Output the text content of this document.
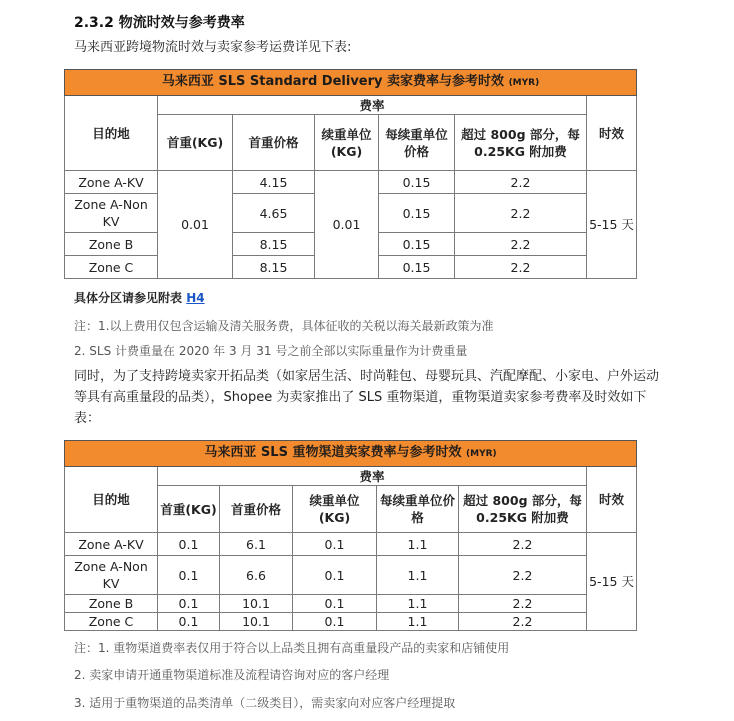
2.3.2 物流时效与参考费率
马来西亚跨境物流时效与卖家参考运费详见下表:
马来西亚 SLS Standard Delivery 卖家费率与参考时效 (MYR)						
目的地	费率					时效
	首重(KG)	首重价格	续重单位(KG)	每续重单位价格	超过 800g 部分，每 0.25KG 附加费	
Zone A-KV	0.01	4.15	0.01	0.15	2.2	5-15 天
Zone A-Non KV		4.65		0.15	2.2	
Zone B		8.15		0.15	2.2	
Zone C		8.15		0.15	2.2	
具体分区请参见附表 H4
注：1.以上费用仅包含运输及清关服务费，具体征收的关税以海关最新政策为准
2. SLS 计费重量在 2020 年 3 月 31 号之前全部以实际重量作为计费重量
同时，为了支持跨境卖家开拓品类（如家居生活、时尚鞋包、母婴玩具、汽配摩配、小家电、户外运动等具有高重量段的品类），Shopee 为卖家推出了 SLS 重物渠道，重物渠道卖家参考费率及时效如下表：
马来西亚 SLS 重物渠道卖家费率与参考时效 (MYR)						
目的地	费率					时效
	首重(KG)	首重价格	续重单位(KG)	每续重单位价格	超过 800g 部分，每 0.25KG 附加费	
Zone A-KV	0.1	6.1	0.1	1.1	2.2	5-15 天
Zone A-Non KV	0.1	6.6	0.1	1.1	2.2	
Zone B	0.1	10.1	0.1	1.1	2.2	
Zone C	0.1	10.1	0.1	1.1	2.2	
注：1. 重物渠道费率表仅用于符合以上品类且拥有高重量段产品的卖家和店铺使用
2. 卖家申请开通重物渠道标准及流程请咨询对应的客户经理
3. 适用于重物渠道的品类清单（二级类目），需卖家向对应客户经理提取
